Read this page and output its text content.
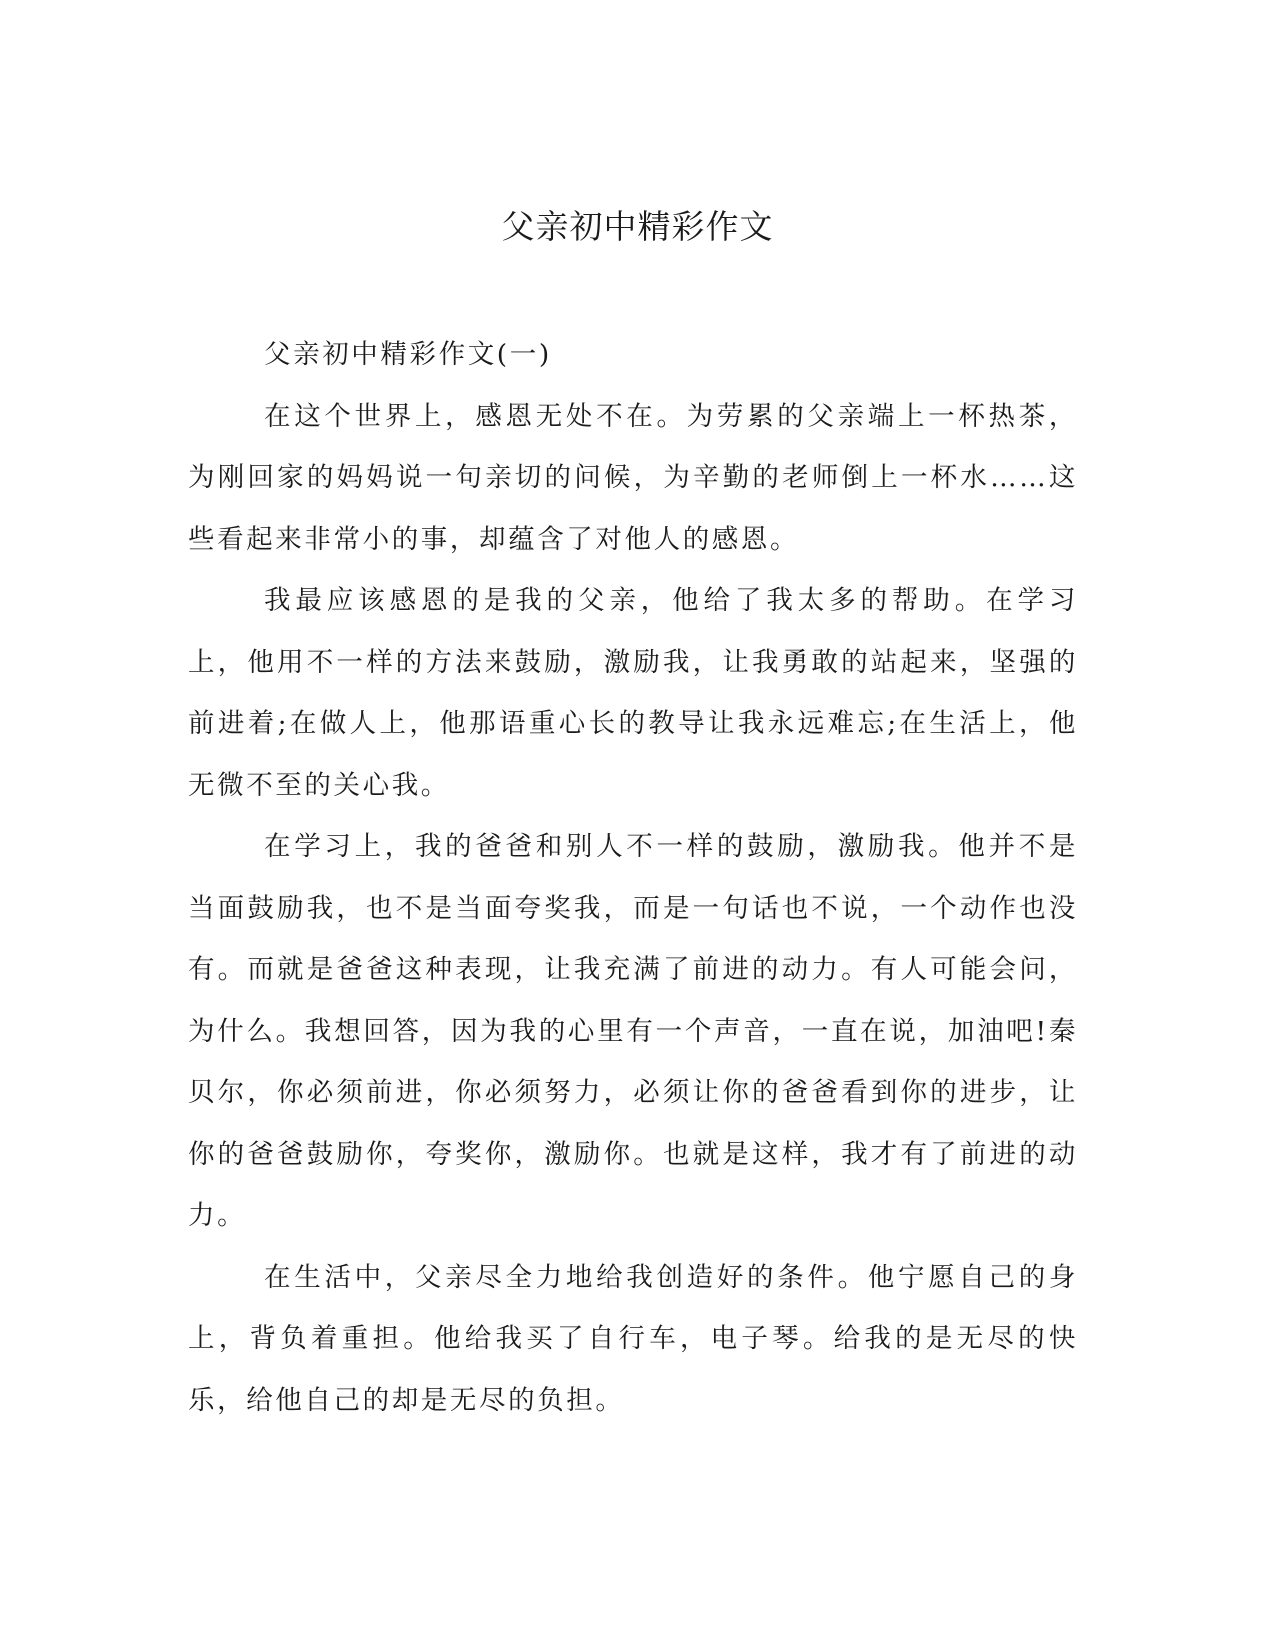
父亲初中精彩作文

父亲初中精彩作文(一)

在这个世界上，感恩无处不在。为劳累的父亲端上一杯热茶，为刚回家的妈妈说一句亲切的问候，为辛勤的老师倒上一杯水……这些看起来非常小的事，却蕴含了对他人的感恩。

我最应该感恩的是我的父亲，他给了我太多的帮助。在学习上，他用不一样的方法来鼓励，激励我，让我勇敢的站起来，坚强的前进着;在做人上，他那语重心长的教导让我永远难忘;在生活上，他无微不至的关心我。

在学习上，我的爸爸和别人不一样的鼓励，激励我。他并不是当面鼓励我，也不是当面夸奖我，而是一句话也不说，一个动作也没有。而就是爸爸这种表现，让我充满了前进的动力。有人可能会问，为什么。我想回答，因为我的心里有一个声音，一直在说，加油吧!秦贝尔，你必须前进，你必须努力，必须让你的爸爸看到你的进步，让你的爸爸鼓励你，夸奖你，激励你。也就是这样，我才有了前进的动力。

在生活中，父亲尽全力地给我创造好的条件。他宁愿自己的身上，背负着重担。他给我买了自行车，电子琴。给我的是无尽的快乐，给他自己的却是无尽的负担。
